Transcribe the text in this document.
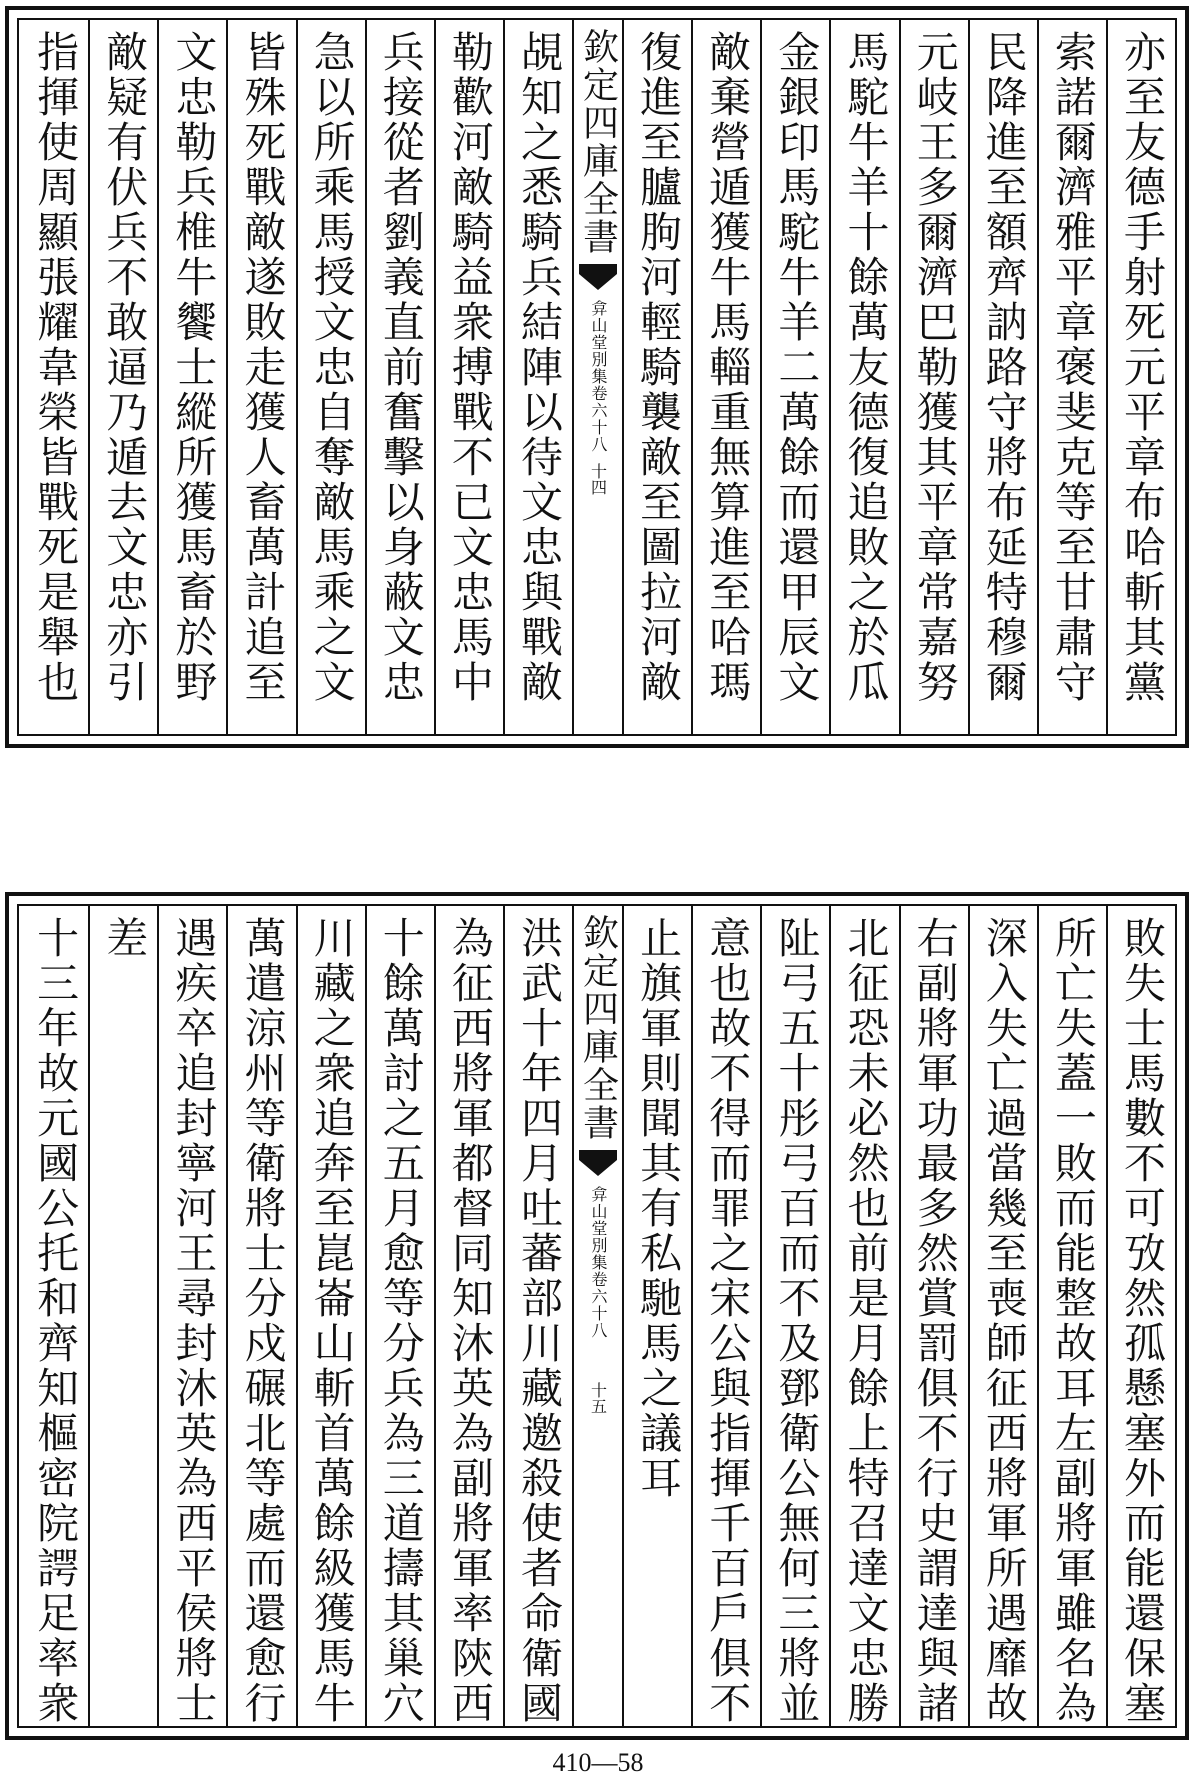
亦至友德手射死元平章布哈斬其黨
索諾爾濟雅平章褒斐克等至甘肅守
民降進至額齊訥路守將布延特穆爾
元岐王多爾濟巴勒獲其平章常嘉努
馬駝牛羊十餘萬友德復追敗之於瓜
金銀印馬駝牛羊二萬餘而還甲辰文
敵棄營遁獲牛馬輜重無算進至哈瑪
復進至臚朐河輕騎襲敵至圖拉河敵
欽定四庫全書
弇山堂別集
卷六十八
十四
覘知之悉騎兵結陣以待文忠與戰敵
勒歡河敵騎益衆搏戰不已文忠馬中
兵接從者劉義直前奮擊以身蔽文忠
急以所乘馬授文忠自奪敵馬乘之文
皆殊死戰敵遂敗走獲人畜萬計追至
文忠勒兵椎牛饗士縱所獲馬畜於野
敵疑有伏兵不敢逼乃遁去文忠亦引
指揮使周顯張耀韋榮皆戰死是舉也
敗失士馬數不可攷然孤懸塞外而能還保塞
所亡失蓋一敗而能整故耳左副將軍雖名為
深入失亡過當幾至喪師征西將軍所遇靡故
右副將軍功最多然賞罰俱不行史謂達與諸
北征恐未必然也前是月餘上特召達文忠勝
阯弓五十彤弓百而不及鄧衛公無何三將並
意也故不得而罪之宋公與指揮千百戶俱不
止旗軍則聞其有私馳馬之議耳
欽定四庫全書
弇山堂別集
卷六十八
十五
洪武十年四月吐蕃部川藏邀殺使者命衛國
為征西將軍都督同知沐英為副將軍率陝西
十餘萬討之五月愈等分兵為三道擣其巢穴
川藏之衆追奔至崑崙山斬首萬餘級獲馬牛
萬遣涼州等衛將士分戍碾北等處而還愈行
遇疾卒追封寧河王尋封沐英為西平侯將士
差
十三年故元國公托和齊知樞密院諤足率衆
410—58
